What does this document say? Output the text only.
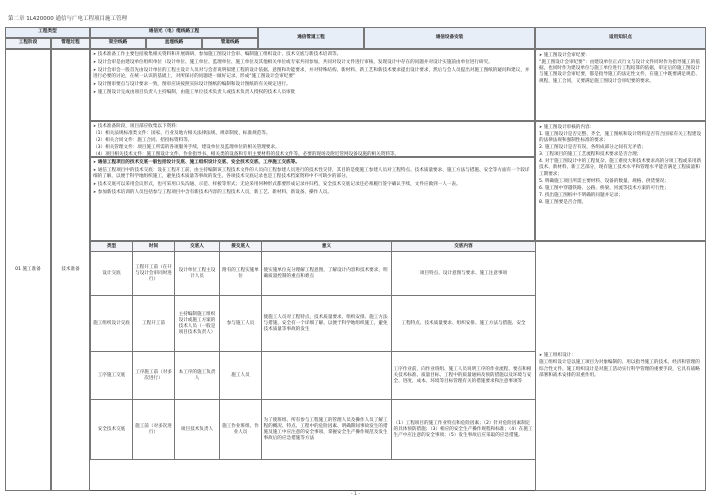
第二章 1L420000 通信与广电工程项目施工管理
工程类型	通信光（电）缆线路工程
通信管道工程	通信设备安装	适用知识点
工程阶段	管理过程	架空线路	直埋线路	管道线路
01 施工准备	技术准备

➤ 技术准备工作主要包括收集相关资料和开展调研、参加施工图设计会审、编制施工组织设计、技术交底与新技术培训等。

➤ 设计会审是由建设单位组织单位（设计单位、施工单位、监理单位、施工单位及其他相关单位或专家共同参加，共同对设计文件进行审核，发现设计中存在的问题并对设计实施前由单位进行研究。

➤ 设计会审会一般首先由设计单位的工程主设计人员对与会者说明拟建工程的设计依据、意图和功能要求，并对特殊结构、新材料、新工艺和新技术要求提出设计要求，然后与会人员提出对施工图纸的疑问和建议，并进行必要的讨论，在统一认识的基础上，对所探讨的问题逐一做好记录，形成“施工图设计会审纪要”

➤ 设计图审要点与设计要求一致，图审应该按照实际设计图纸的编制和设计图纸的有关规定进行。

➤ 施工图设计完成由项目负责人主持编制，由施工单位技术负责人或技术负责人授权的技术人员审批

➤ 施工图设计会审纪要：

“施工图设计会审纪要”：由建设单位正式行文与设计文件同时作为指导施工的依据，也同时作为建设单位与施工单位进行工程结算的依据，审定后的施工图设计与施工图设计会审纪要，都是指导施工的法定性文件，在施工中既要满足规范、规程，施工合同，又要满足施工图设计会审纪要的要求。

➤ 技术准备阶段，项目部应收集以下资料：

（1）相关法规标准类文件：国家、行业及地方相关法律法规、规章制度、标准规范等。

（2）相关合同文件：施工合同、招投标资料等。

（3）相关管理文件：项目施工所需的各项服务手续，建设单位及监理单位的相关管理要求。

（4）项目相关技术文件：施工图设计文件、作业指导书、相关类的设备和专用主要材料的技术文件等。必要的现场及附近管网设备设施的相关资料等。

➤ 通信工程项目的技术交底一般包括设计交底、施工组织设计交底、安全技术交底、工序施工交底等。

➤ 通信工程项目中的技术交底：设在工程开工前，由主持编制该工程技术文件的人员向工程参建人员进行的技术性交待，其目的是使施工参建人员对工程特点、技术质量要求、施工方法与措施、安全等方面有一个较详细的了解，以便于科学地组织施工，避免技术质量等事故的发生。各项技术交底记录也是工程技术档案资料中不可缺少的部分。

➤ 技术交底可以采用会议形式，也可采用口头沟通、示范、样板等形式；无论采用何种形式都要形成记录并归档，安全技术交底记录还必须履行签字确认手续，文件应做到一人一表。

➤ 参加新技术培训的人员包括参与工程项目中含有新技术内容的工程技术人员，新工艺、新材料、新设备、操作人员。

➤ 施工图设计审核的内容：

1. 施工图设计是否完整、齐全，施工图纸和设计资料是否符合国家有关工程建设的法律法规和强制性标准的要求；

2. 施工图设计是否有误，各组成部分之间有无矛盾；

3. 工程项目的施工工艺流程和技术要求是否合理；

4. 对于施工图设计中的工程复杂、施工难度大和技术要求高的分项工程或采用新技术、新材料、新工艺部分，现有施工技术水平和管理水平能否满足工程质量和工期要求；

5. 明确施工项目所需主要材料、设备的数量、规格、供货情况；

6. 施工图中穿越铁路、公路、桥梁、河流等技术方案的可行性；

7. 找出施工图纸中不明确的问题并记录；

8. 施工图要是否合理。

类型	时间	交底人	接交底人	意义	交底内容
设计交底	工程开工前（在开与设计会审同时进行）	设计单位工程主设计人员	附有的工程实施单位	使实施单位充分理解工程意图，了解设计内容和技术要求，明确质量控制的重点和难点	项目特点、设计意图与要求、施工注意事项
施工组织设计交底	工程开工前	主持编制施工组织设计或施工方案的技术人员（一般是项目技术负责人）	参与施工人员	使施工人员对工程特点、技术质量要求、组织安排、施工方法与措施、安全有一个详细了解，以便于科学地组织施工，避免技术质量等事故的发生	工程特点、技术质量要求、组织安排、施工方法与措施、安全
工序施工交底	工序施工前（对多次进行）	本工序的施工负责人	施工人员		工序作业前，向作业班组、施工人员说明工序的作业流程、要点和相关技术标准、质量目标、工程中的质量通病及预防措施以及环境与安全、进度、成本、环境等目标管理有关的措施要求和注意事项等
安全技术交底	施工前（对多次进行）	项目技术负责人	施工作业班组、作业人员	为了使班组、所有参与工程施工的管理人员及操作人员了解工程的概况、特点、工程中的危险因素、明确期间事故发生的措施及施工中应注意的安全事项，掌握安全生产操作规范及发生事故后的应急措施等方法	（1）工程项目的施工作业特点和危险因素；（2）针对危险因素制定的具体预防措施；（3）相应的安全生产操作规程和标准；（4）在施工生产中应注意的安全事项；（5）发生事故后应采取的应急措施。

➤ 施工组织设计：

施工组织设计是以施工项目为对象编制的，用以指导施工的技术、经济和管理的综合性文件。施工组织设计是对施工活动实行科学管理的重要手段，它具有战略部署和战术安排的双重作用。

- 1 -
